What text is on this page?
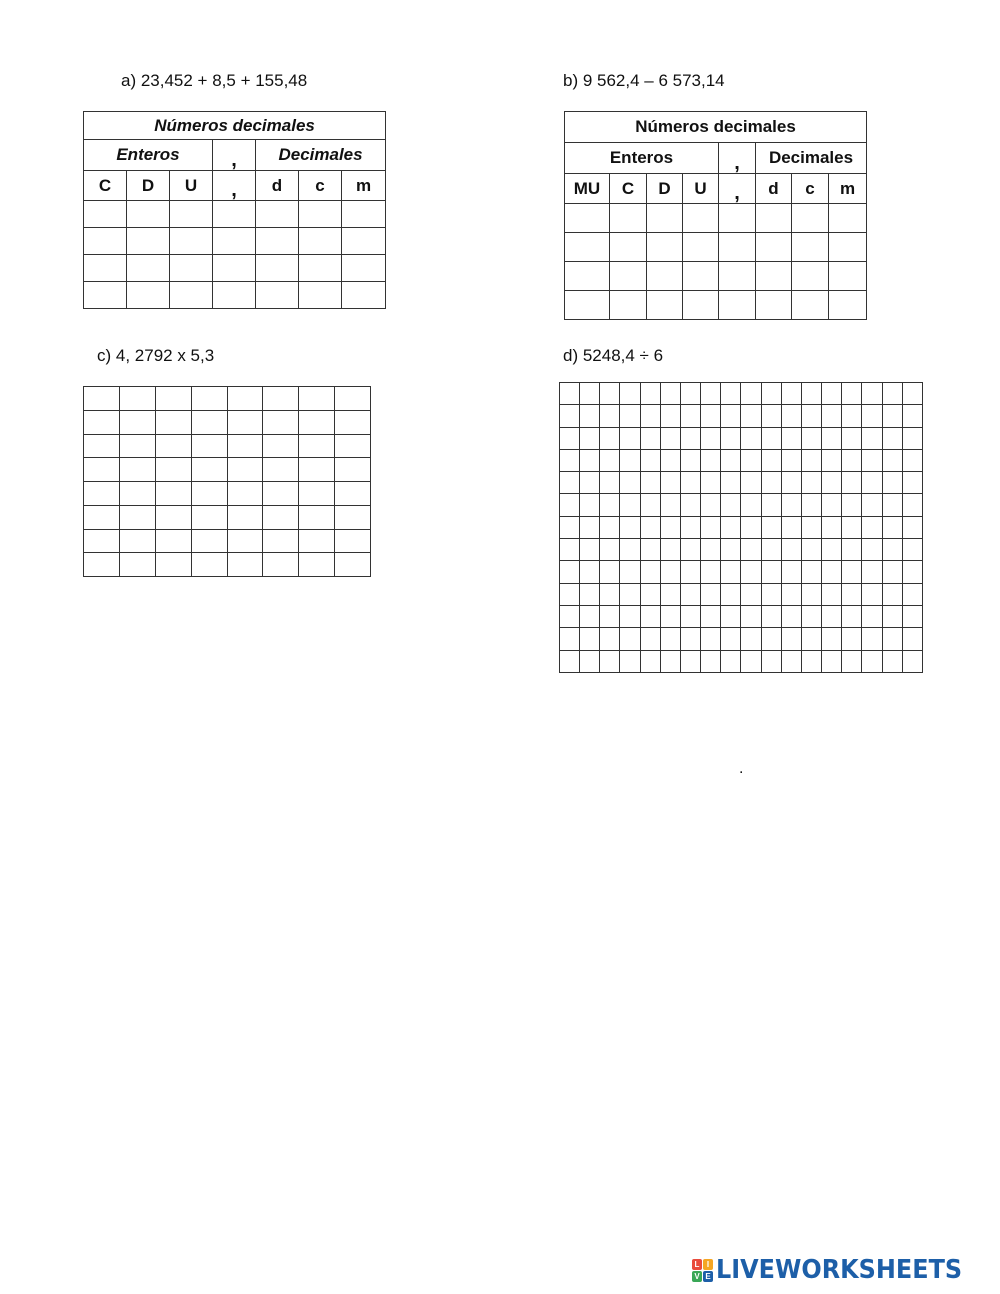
a) 23,452 + 8,5 + 155,48	b) 9 562,4 – 6 573,14
c) 4, 2792 x 5,3	d) 5248,4 ÷ 6
Números decimales						
Enteros			,	Decimales		
C	D	U	,	d	c	m

Números decimales							
Enteros				,	Decimales		
MU	C	D	U	,	d	c	m

.
L I
V E LIVEWORKSHEETS
